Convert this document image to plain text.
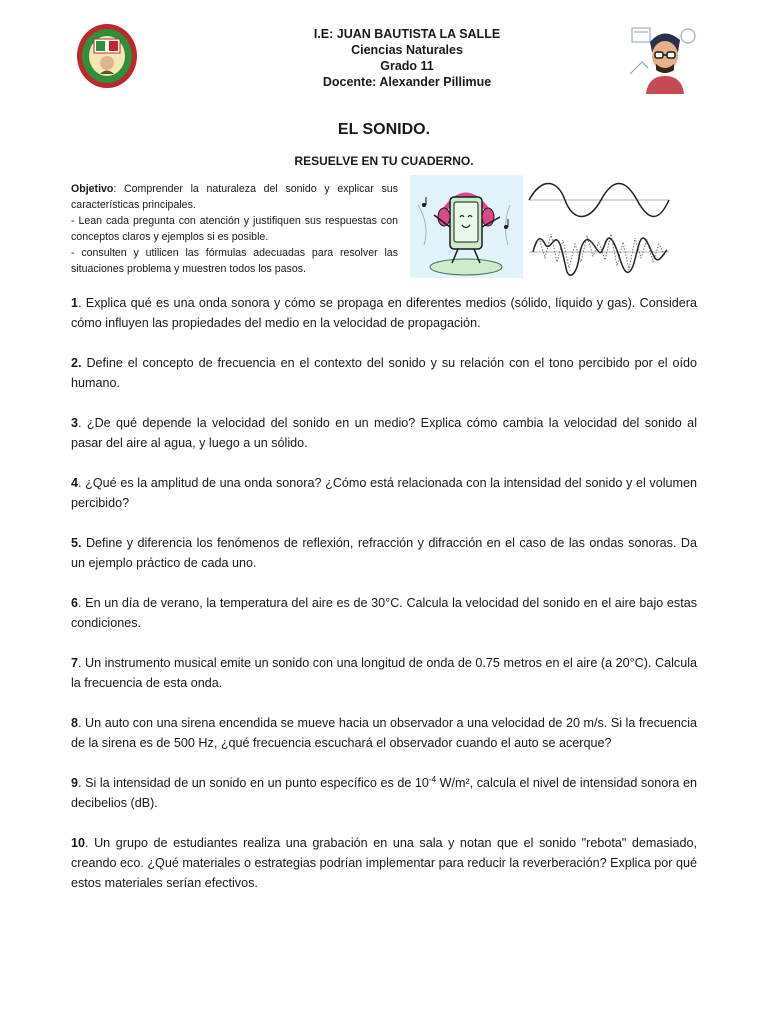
I.E: JUAN BAUTISTA LA SALLE
Ciencias Naturales
Grado 11
Docente: Alexander Pillimue
EL SONIDO.
RESUELVE EN TU CUADERNO.

Objetivo: Comprender la naturaleza del sonido y explicar sus características principales.

- Lean cada pregunta con atención y justifiquen sus respuestas con conceptos claros y ejemplos si es posible.

- consulten y utilicen las fórmulas adecuadas para resolver las situaciones problema y muestren todos los pasos.

1. Explica qué es una onda sonora y cómo se propaga en diferentes medios (sólido, líquido y gas). Considera cómo influyen las propiedades del medio en la velocidad de propagación.

2. Define el concepto de frecuencia en el contexto del sonido y su relación con el tono percibido por el oído humano.

3. ¿De qué depende la velocidad del sonido en un medio? Explica cómo cambia la velocidad del sonido al pasar del aire al agua, y luego a un sólido.

4. ¿Qué es la amplitud de una onda sonora? ¿Cómo está relacionada con la intensidad del sonido y el volumen percibido?

5. Define y diferencia los fenómenos de reflexión, refracción y difracción en el caso de las ondas sonoras. Da un ejemplo práctico de cada uno.

6. En un día de verano, la temperatura del aire es de 30°C. Calcula la velocidad del sonido en el aire bajo estas condiciones.

7. Un instrumento musical emite un sonido con una longitud de onda de 0.75 metros en el aire (a 20°C). Calcula la frecuencia de esta onda.

8. Un auto con una sirena encendida se mueve hacia un observador a una velocidad de 20 m/s. Si la frecuencia de la sirena es de 500 Hz, ¿qué frecuencia escuchará el observador cuando el auto se acerque?

9. Si la intensidad de un sonido en un punto específico es de $10^{-4}$ W/m², calcula el nivel de intensidad sonora en decibelios (dB).

10. Un grupo de estudiantes realiza una grabación en una sala y notan que el sonido "rebota" demasiado, creando eco. ¿Qué materiales o estrategias podrían implementar para reducir la reverberación? Explica por qué estos materiales serían efectivos.
